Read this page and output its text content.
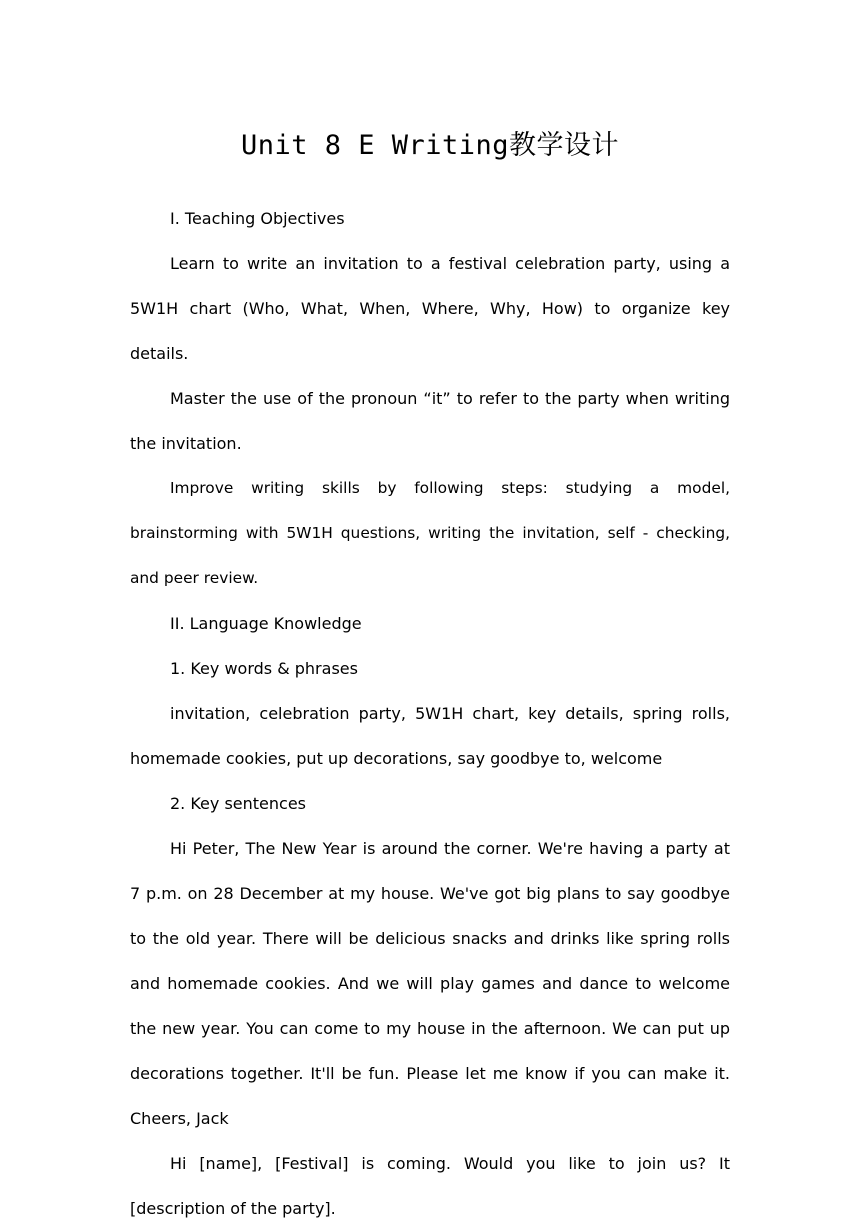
Unit 8 E Writing教学设计

I. Teaching Objectives

Learn to write an invitation to a festival celebration party, using a 5W1H chart (Who, What, When, Where, Why, How) to organize key details.

Master the use of the pronoun “it” to refer to the party when writing the invitation.

Improve writing skills by following steps: studying a model, brainstorming with 5W1H questions, writing the invitation, self - checking, and peer review.

II. Language Knowledge

1. Key words & phrases

invitation, celebration party, 5W1H chart, key details, spring rolls, homemade cookies, put up decorations, say goodbye to, welcome

2. Key sentences

Hi Peter, The New Year is around the corner. We're having a party at 7 p.m. on 28 December at my house. We've got big plans to say goodbye to the old year. There will be delicious snacks and drinks like spring rolls and homemade cookies. And we will play games and dance to welcome the new year. You can come to my house in the afternoon. We can put up decorations together. It'll be fun. Please let me know if you can make it. Cheers, Jack

Hi [name], [Festival] is coming. Would you like to join us? It [description of the party].
